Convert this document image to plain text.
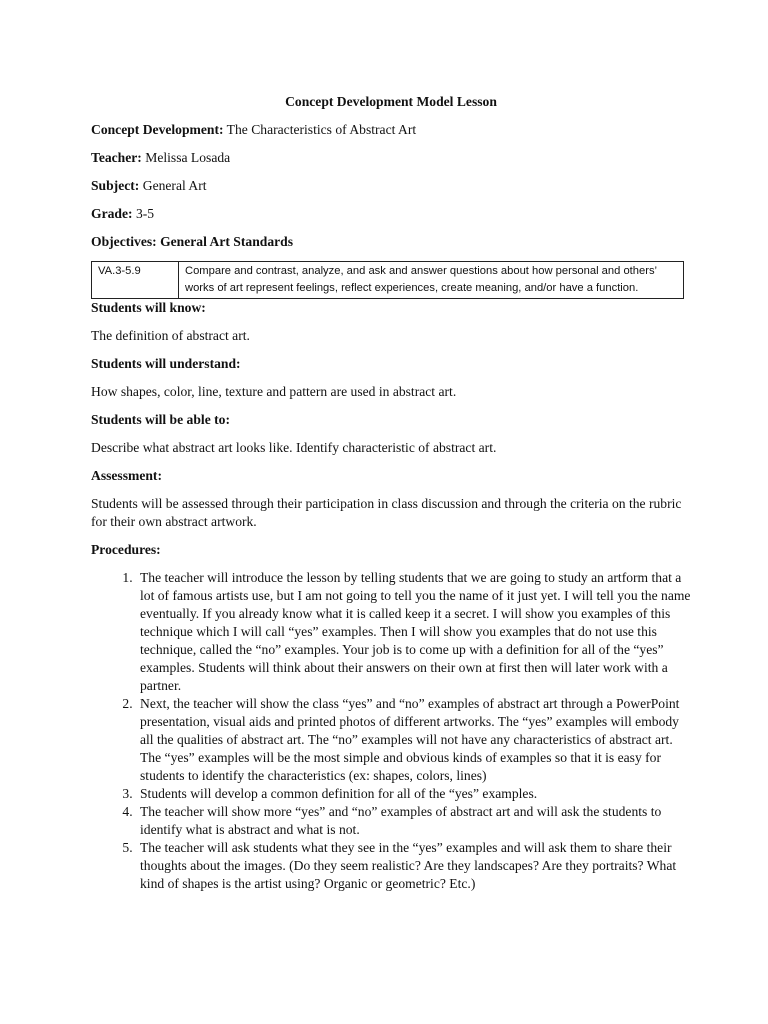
Concept Development Model Lesson
Concept Development: The Characteristics of Abstract Art
Teacher: Melissa Losada
Subject: General Art
Grade: 3-5
Objectives: General Art Standards
VA.3-5.9	Compare and contrast, analyze, and ask and answer questions about how personal and others’ works of art represent feelings, reflect experiences, create meaning, and/or have a function.
Students will know:
The definition of abstract art.
Students will understand:
How shapes, color, line, texture and pattern are used in abstract art.
Students will be able to:
Describe what abstract art looks like. Identify characteristic of abstract art.
Assessment:
Students will be assessed through their participation in class discussion and through the criteria on the rubric for their own abstract artwork.
Procedures:
1. The teacher will introduce the lesson by telling students that we are going to study an artform that a lot of famous artists use, but I am not going to tell you the name of it just yet. I will tell you the name eventually. If you already know what it is called keep it a secret. I will show you examples of this technique which I will call “yes” examples. Then I will show you examples that do not use this technique, called the “no” examples. Your job is to come up with a definition for all of the “yes” examples. Students will think about their answers on their own at first then will later work with a partner.
2. Next, the teacher will show the class “yes” and “no” examples of abstract art through a PowerPoint presentation, visual aids and printed photos of different artworks. The “yes” examples will embody all the qualities of abstract art. The “no” examples will not have any characteristics of abstract art. The “yes” examples will be the most simple and obvious kinds of examples so that it is easy for students to identify the characteristics (ex: shapes, colors, lines)
3. Students will develop a common definition for all of the “yes” examples.
4. The teacher will show more “yes” and “no” examples of abstract art and will ask the students to identify what is abstract and what is not.
5. The teacher will ask students what they see in the “yes” examples and will ask them to share their thoughts about the images. (Do they seem realistic? Are they landscapes? Are they portraits? What kind of shapes is the artist using? Organic or geometric? Etc.)
